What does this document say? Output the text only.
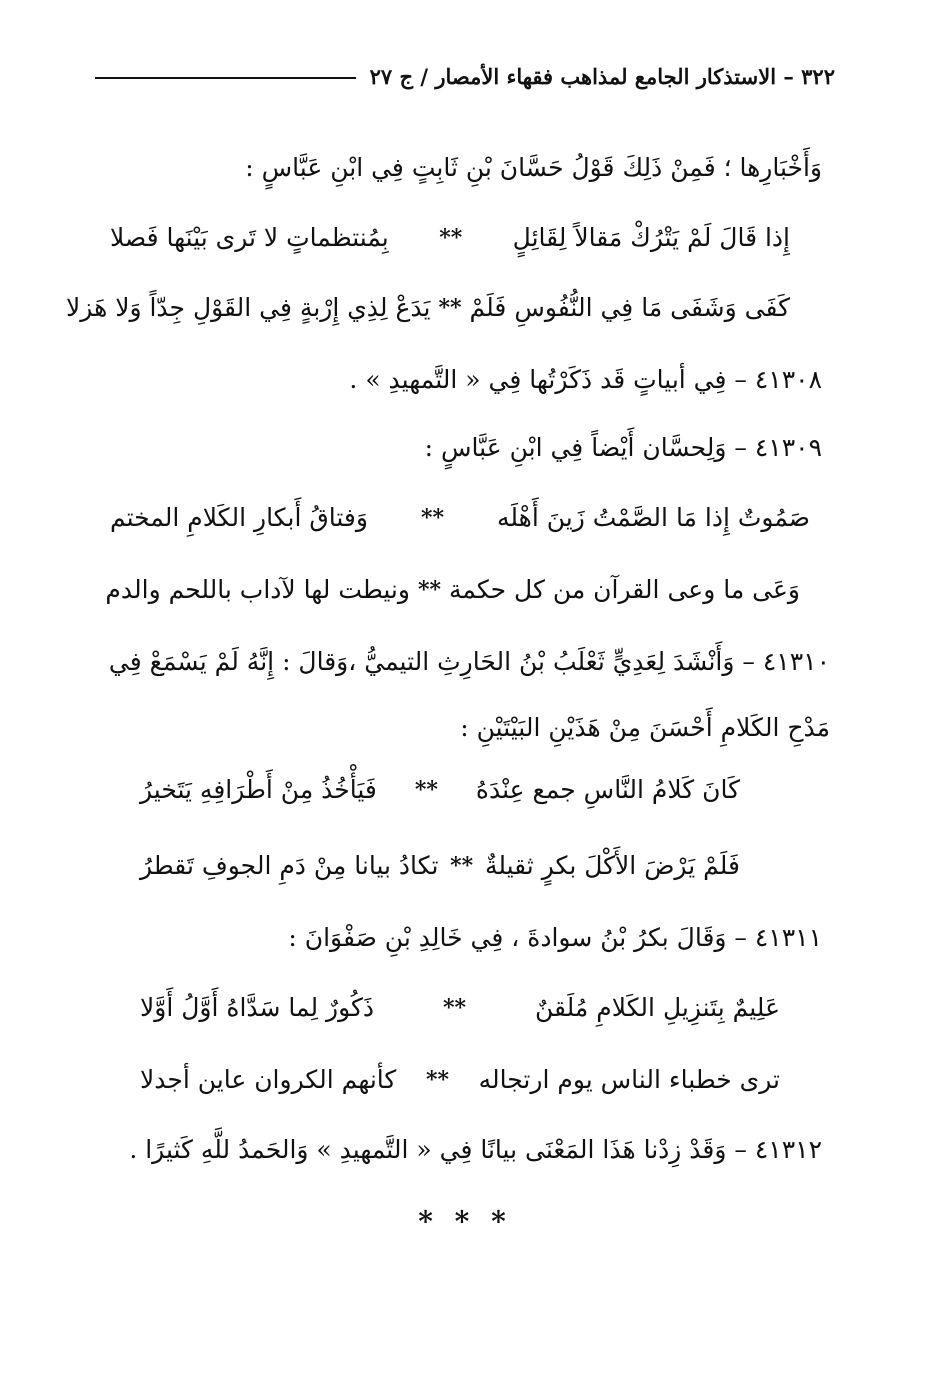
٣٢٢ – الاستذكار الجامع لمذاهب فقهاء الأمصار / ج ٢٧
وَأَخْبَارِها ؛ فَمِنْ ذَلِكَ قَوْلُ حَسَّانَ بْنِ ثَابِتٍ فِي ابْنِ عَبَّاسٍ :
إِذا قَالَ لَمْ يَتْرُكْ مَقالاً لِقَائِلٍ
**
بِمُنتظماتٍ لا تَرى بَيْنَها فَصلا
كَفَى وَشَفَى مَا فِي النُّفُوسِ فَلَمْ
**
يَدَعْ لِذِي إِرْبةٍ فِي القَوْلِ جِدّاً وَلا هَزلا
٤١٣٠٨ – فِي أبياتٍ قَد ذَكَرْتُها فِي « التَّمهيدِ » .
٤١٣٠٩ – وَلِحسَّان أَيْضاً فِي ابْنِ عَبَّاسٍ :
صَمُوتٌ إِذا مَا الصَّمْتُ زَينَ أَهْلَه
**
وَفتاقُ أَبكارِ الكَلامِ المختم
وَعَى ما وعى القرآن من كل حكمة
**
ونيطت لها لآداب باللحم والدم
٤١٣١٠ – وَأَنْشَدَ لِعَدِيٍّ ثَعْلَبُ بْنُ الحَارِثِ التيميُّ ،وَقالَ : إِنَّهُ لَمْ يَسْمَعْ فِي
مَدْحِ الكَلامِ أَحْسَنَ مِنْ هَذَيْنِ البَيْتَيْنِ :
كَانَ كَلامُ النَّاسِ جمع عِنْدَهُ
**
فَيَأْخُذُ مِنْ أَطْرَافِهِ يَتَخيرُ
فَلَمْ يَرْضَ الأَكْلَ بكرٍ ثقيلةٌ
**
تكادُ بيانا مِنْ دَمِ الجوفِ تَقطرُ
٤١٣١١ – وَقَالَ بكرُ بْنُ سوادةَ ، فِي خَالِدِ بْنِ صَفْوَانَ :
عَلِيمٌ بِتَنزِيلِ الكَلامِ مُلَقنٌ
**
ذَكُورٌ لِما سَدَّاهُ أَوَّلُ أَوَّلا
ترى خطباء الناس يوم ارتجاله
**
كأنهم الكروان عاين أجدلا
٤١٣١٢ – وَقَدْ زِدْنا هَذَا المَعْنَى بيانًا فِي « التَّمهيدِ » وَالحَمدُ للَّهِ كَثيرًا .
* * *
